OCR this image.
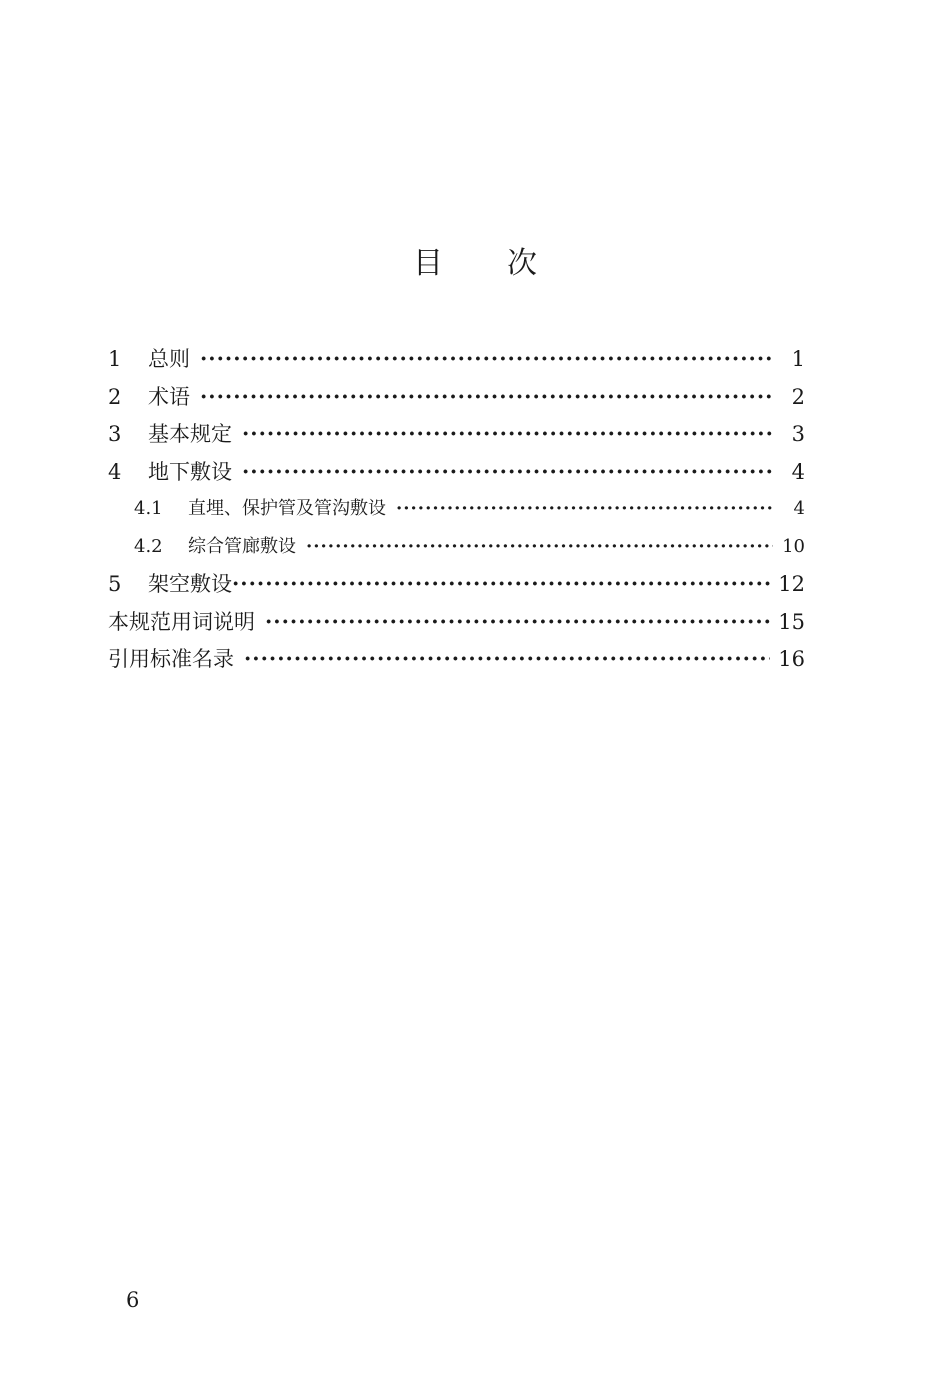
目次
1	总则 ·····	1
2	术语 ·····	2
3	基本规定 ·····	3
4	地下敷设 ·····	4
4.1	直埋、保护管及管沟敷设 ·····	4
4.2	综合管廊敷设 ·····	10
5	架空敷设 ·····	12
本规范用词说明 ·····	15
引用标准名录 ·····	16
6
